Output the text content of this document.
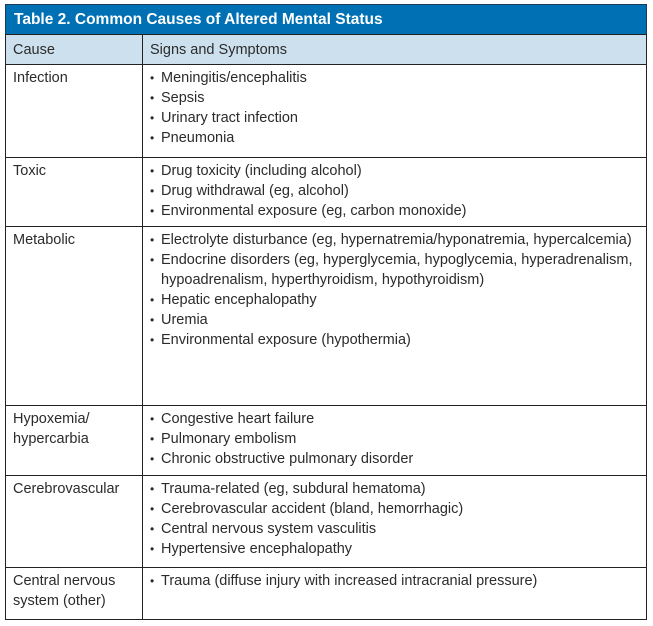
Table 2. Common Causes of Altered Mental Status
Cause	Signs and Symptoms
Infection	• Meningitis/encephalitis
• Sepsis
• Urinary tract infection
• Pneumonia
Toxic	• Drug toxicity (including alcohol)
• Drug withdrawal (eg, alcohol)
• Environmental exposure (eg, carbon monoxide)
Metabolic	• Electrolyte disturbance (eg, hypernatremia/hyponatremia, hypercalcemia)
• Endocrine disorders (eg, hyperglycemia, hypoglycemia, hyperadrenalism, hypoadrenalism, hyperthyroidism, hypothyroidism)
• Hepatic encephalopathy
• Uremia
• Environmental exposure (hypothermia)
Hypoxemia/ hypercarbia
• Congestive heart failure
• Pulmonary embolism
• Chronic obstructive pulmonary disorder
Cerebrovascular	• Trauma-related (eg, subdural hematoma)
• Cerebrovascular accident (bland, hemorrhagic)
• Central nervous system vasculitis
• Hypertensive encephalopathy
Central nervous system (other)
• Trauma (diffuse injury with increased intracranial pressure)
